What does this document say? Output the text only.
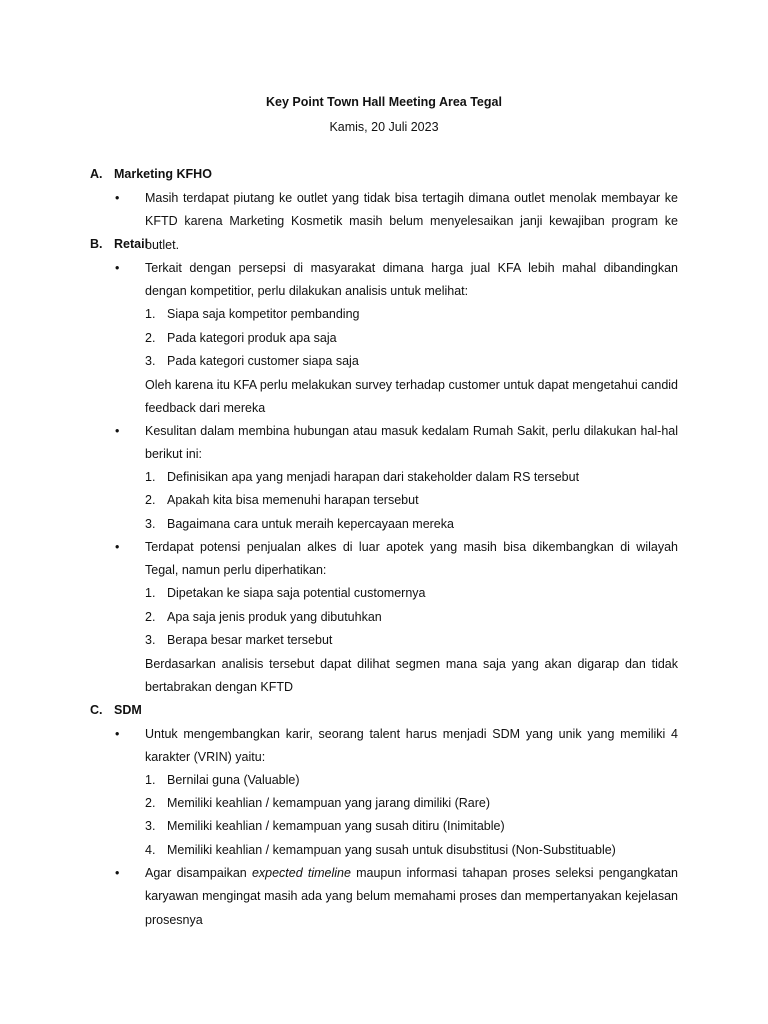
Key Point Town Hall Meeting Area Tegal
Kamis, 20 Juli 2023
A. Marketing KFHO
• Masih terdapat piutang ke outlet yang tidak bisa tertagih dimana outlet menolak membayar ke KFTD karena Marketing Kosmetik masih belum menyelesaikan janji kewajiban program ke outlet.
B. Retail
• Terkait dengan persepsi di masyarakat dimana harga jual KFA lebih mahal dibandingkan dengan kompetitior, perlu dilakukan analisis untuk melihat:
1. Siapa saja kompetitor pembanding
2. Pada kategori produk apa saja
3. Pada kategori customer siapa saja
Oleh karena itu KFA perlu melakukan survey terhadap customer untuk dapat mengetahui candid feedback dari mereka
• Kesulitan dalam membina hubungan atau masuk kedalam Rumah Sakit, perlu dilakukan hal-hal berikut ini:
1. Definisikan apa yang menjadi harapan dari stakeholder dalam RS tersebut
2. Apakah kita bisa memenuhi harapan tersebut
3. Bagaimana cara untuk meraih kepercayaan mereka
• Terdapat potensi penjualan alkes di luar apotek yang masih bisa dikembangkan di wilayah Tegal, namun perlu diperhatikan:
1. Dipetakan ke siapa saja potential customernya
2. Apa saja jenis produk yang dibutuhkan
3. Berapa besar market tersebut
Berdasarkan analisis tersebut dapat dilihat segmen mana saja yang akan digarap dan tidak bertabrakan dengan KFTD
C. SDM
• Untuk mengembangkan karir, seorang talent harus menjadi SDM yang unik yang memiliki 4 karakter (VRIN) yaitu:
1. Bernilai guna (Valuable)
2. Memiliki keahlian / kemampuan yang jarang dimiliki (Rare)
3. Memiliki keahlian / kemampuan yang susah ditiru (Inimitable)
4. Memiliki keahlian / kemampuan yang susah untuk disubstitusi (Non-Substituable)
• Agar disampaikan expected timeline maupun informasi tahapan proses seleksi pengangkatan karyawan mengingat masih ada yang belum memahami proses dan mempertanyakan kejelasan prosesnya
